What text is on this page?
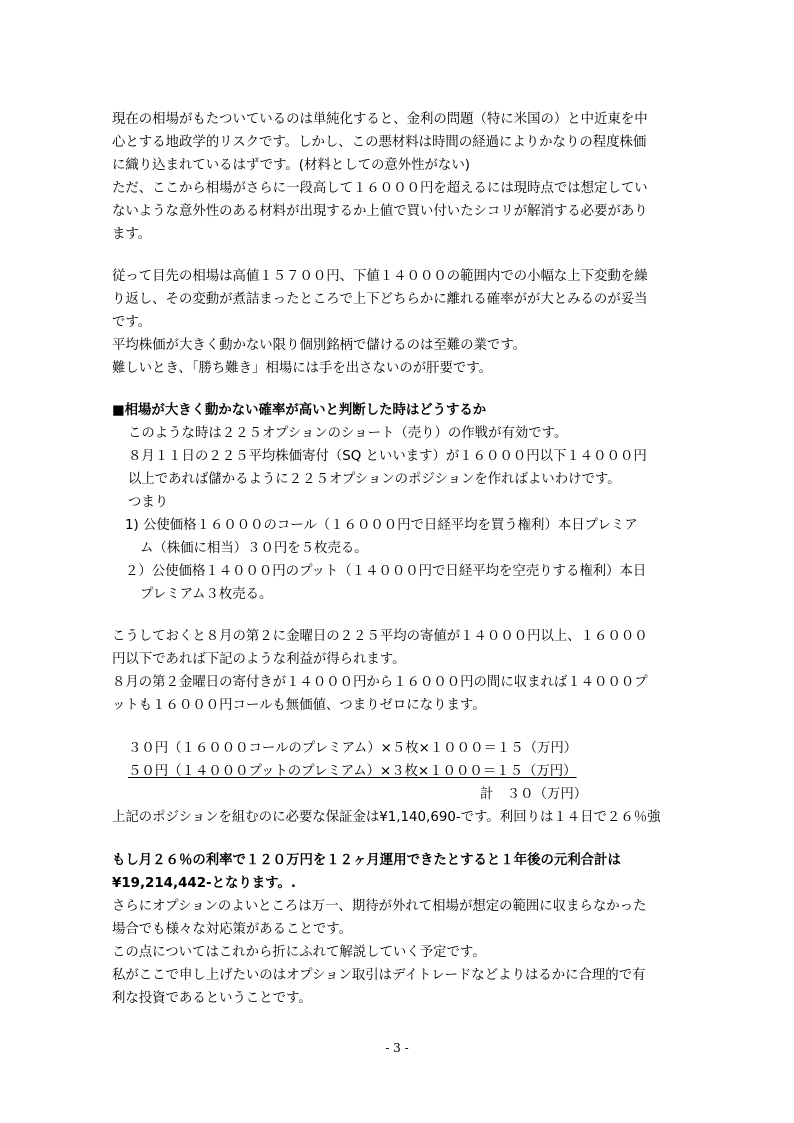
現在の相場がもたついているのは単純化すると、金利の問題（特に米国の）と中近東を中
心とする地政学的リスクです。しかし、この悪材料は時間の経過によりかなりの程度株価
に織り込まれているはずです。(材料としての意外性がない)
ただ、ここから相場がさらに一段高して１６０００円を超えるには現時点では想定してい
ないような意外性のある材料が出現するか上値で買い付いたシコリが解消する必要があり
ます。
従って目先の相場は高値１５７００円、下値１４０００の範囲内での小幅な上下変動を繰
り返し、その変動が煮詰まったところで上下どちらかに離れる確率がが大とみるのが妥当
です。
平均株価が大きく動かない限り個別銘柄で儲けるのは至難の業です。
難しいとき、「勝ち難き」相場には手を出さないのが肝要です。
■相場が大きく動かない確率が高いと判断した時はどうするか
このような時は２２５オプションのショート（売り）の作戦が有効です。
８月１１日の２２５平均株価寄付（SQ といいます）が１６０００円以下１４０００円
以上であれば儲かるように２２５オプションのポジションを作ればよいわけです。
つまり
1) 公使価格１６０００のコール（１６０００円で日経平均を買う権利）本日プレミア
ム（株価に相当）３０円を５枚売る。
２）公使価格１４０００円のプット（１４０００円で日経平均を空売りする権利）本日
プレミアム３枚売る。
こうしておくと８月の第２に金曜日の２２５平均の寄値が１４０００円以上、１６０００
円以下であれば下記のような利益が得られます。
８月の第２金曜日の寄付きが１４０００円から１６０００円の間に収まれば１４０００プ
ットも１６０００円コールも無価値、つまりゼロになります。
３０円（１６０００コールのプレミアム）×５枚×１０００＝１５（万円）
５０円（１４０００プットのプレミアム）×３枚×１０００＝１５（万円）
計　３０（万円）
上記のポジションを組むのに必要な保証金は¥1,140,690-です。利回りは１４日で２６％強
もし月２６％の利率で１２０万円を１２ヶ月運用できたとすると１年後の元利合計は
¥19,214,442-となります。.
さらにオプションのよいところは万一、期待が外れて相場が想定の範囲に収まらなかった
場合でも様々な対応策があることです。
この点についてはこれから折にふれて解説していく予定です。
私がここで申し上げたいのはオプション取引はデイトレードなどよりはるかに合理的で有
利な投資であるということです。
- 3 -
